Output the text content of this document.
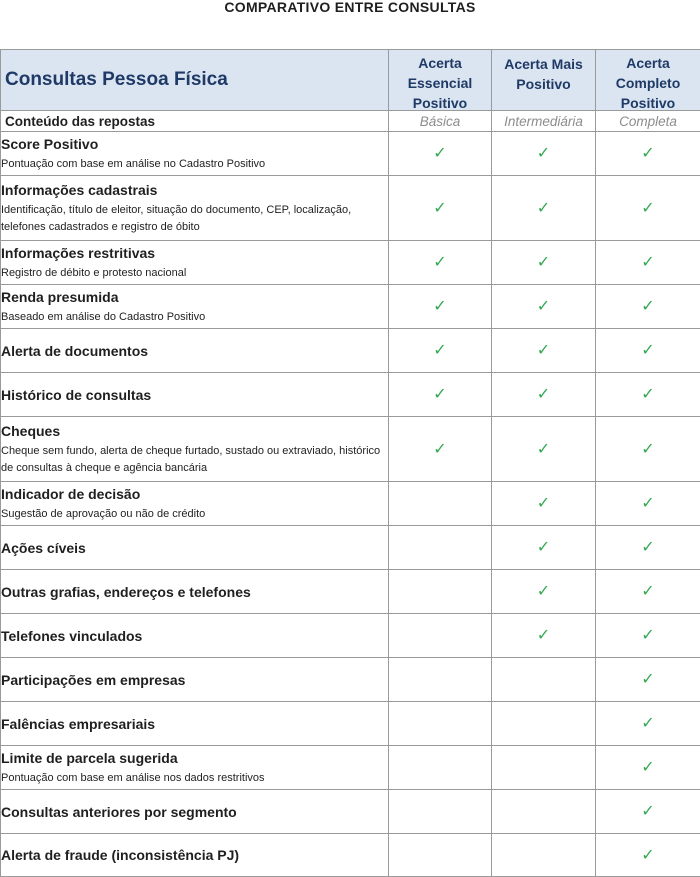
COMPARATIVO ENTRE CONSULTAS
Consultas Pessoa Física	Acerta Essencial Positivo	Acerta Mais Positivo	Acerta Completo Positivo

Conteúdo das repostas	Básica	Intermediária	Completa

Score Positivo
Pontuação com base em análise no Cadastro Positivo	✓	✓	✓

Informações cadastrais
Identificação, título de eleitor, situação do documento, CEP, localização, telefones cadastrados e registro de óbito	✓	✓	✓

Informações restritivas
Registro de débito e protesto nacional	✓	✓	✓

Renda presumida
Baseado em análise do Cadastro Positivo	✓	✓	✓

Alerta de documentos	✓	✓	✓

Histórico de consultas	✓	✓	✓

Cheques
Cheque sem fundo, alerta de cheque furtado, sustado ou extraviado, histórico de consultas à cheque e agência bancária	✓	✓	✓

Indicador de decisão
Sugestão de aprovação ou não de crédito		✓	✓

Ações cíveis		✓	✓

Outras grafias, endereços e telefones		✓	✓

Telefones vinculados		✓	✓

Participações em empresas			✓

Falências empresariais			✓

Limite de parcela sugerida
Pontuação com base em análise nos dados restritivos			✓

Consultas anteriores por segmento			✓

Alerta de fraude (inconsistência PJ)			✓
